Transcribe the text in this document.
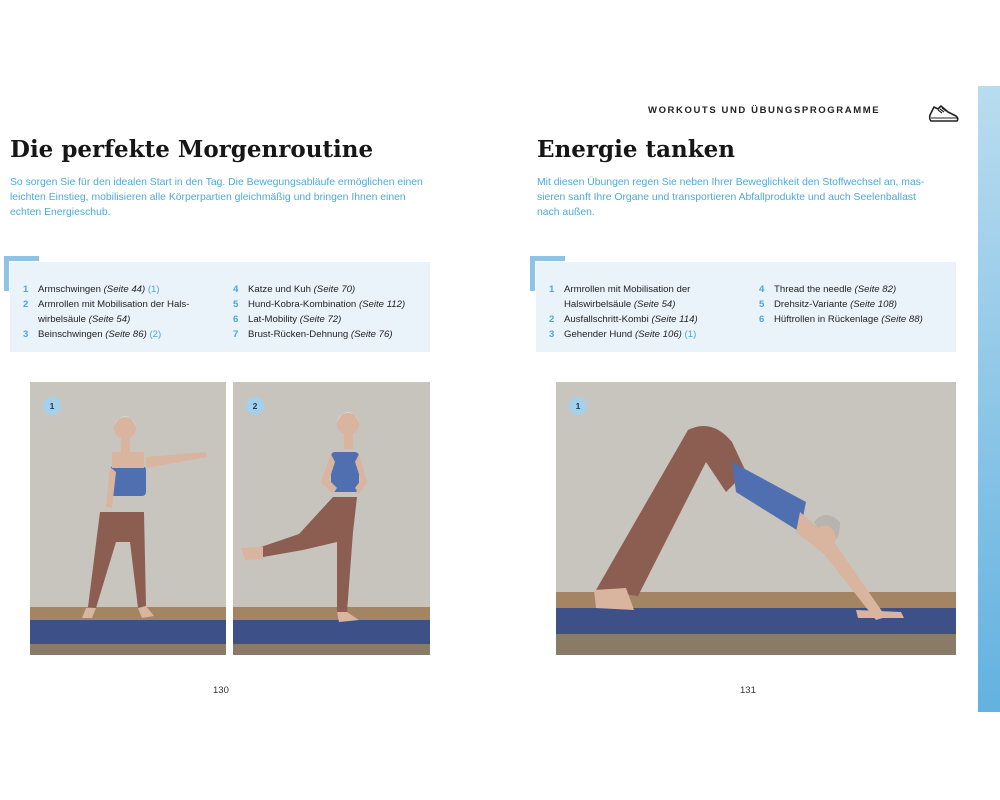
WORKOUTS UND ÜBUNGSPROGRAMME
Die perfekte Morgenroutine

So sorgen Sie für den idealen Start in den Tag. Die Bewegungsabläufe ermöglichen einen
leichten Einstieg, mobilisieren alle Körperpartien gleichmäßig und bringen Ihnen einen
echten Energieschub.

1	Armschwingen (Seite 44) (1)
2	Armrollen mit Mobilisation der Hals-
wirbelsäule (Seite 54)
3	Beinschwingen (Seite 86) (2)
4	Katze und Kuh (Seite 70)
5	Hund-Kobra-Kombination (Seite 112)
6	Lat-Mobility (Seite 72)
7	Brust-Rücken-Dehnung (Seite 76)
1	2
130
Energie tanken

Mit diesen Übungen regen Sie neben Ihrer Beweglichkeit den Stoffwechsel an, mas-
sieren sanft Ihre Organe und transportieren Abfallprodukte und auch Seelenballast
nach außen.

1	Armrollen mit Mobilisation der
Halswirbelsäule (Seite 54)
2	Ausfallschritt-Kombi (Seite 114)
3	Gehender Hund (Seite 106) (1)
4	Thread the needle (Seite 82)
5	Drehsitz-Variante (Seite 108)
6	Hüftrollen in Rückenlage (Seite 88)
1
131
